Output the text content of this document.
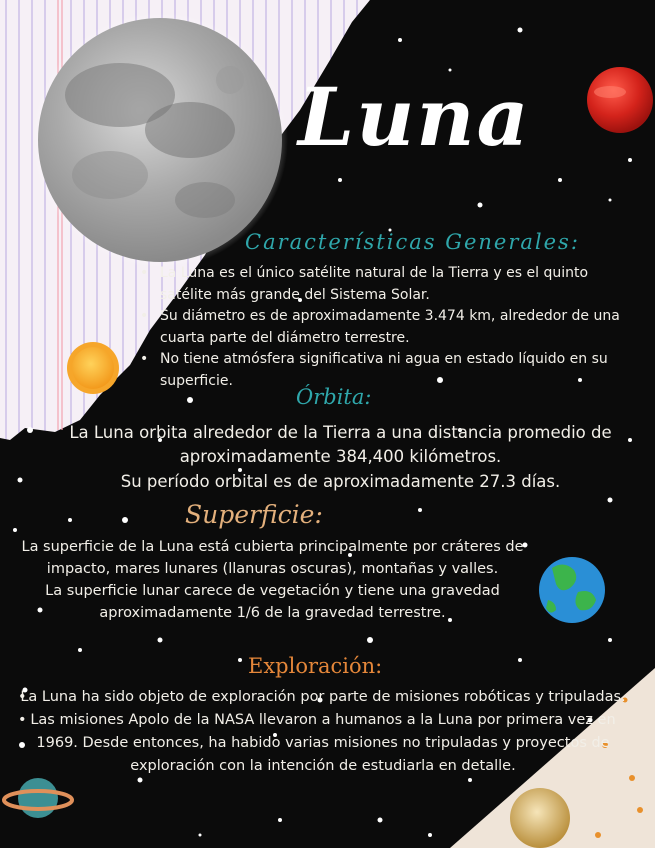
Luna
Características Generales:
• La Luna es el único satélite natural de la Tierra y es el quinto satélite más grande del Sistema Solar.
• Su diámetro es de aproximadamente 3.474 km, alrededor de una cuarta parte del diámetro terrestre.
• No tiene atmósfera significativa ni agua en estado líquido en su superficie.
Órbita:
La Luna orbita alrededor de la Tierra a una distancia promedio de aproximadamente 384,400 kilómetros.
Su período orbital es de aproximadamente 27.3 días.
Superficie:
La superficie de la Luna está cubierta principalmente por cráteres de impacto, mares lunares (llanuras oscuras), montañas y valles.
La superficie lunar carece de vegetación y tiene una gravedad aproximadamente 1/6 de la gravedad terrestre.
Exploración:
• La Luna ha sido objeto de exploración por parte de misiones robóticas y tripuladas.
• Las misiones Apolo de la NASA llevaron a humanos a la Luna por primera vez en 1969. Desde entonces, ha habido varias misiones no tripuladas y proyectos de exploración con la intención de estudiarla en detalle.
